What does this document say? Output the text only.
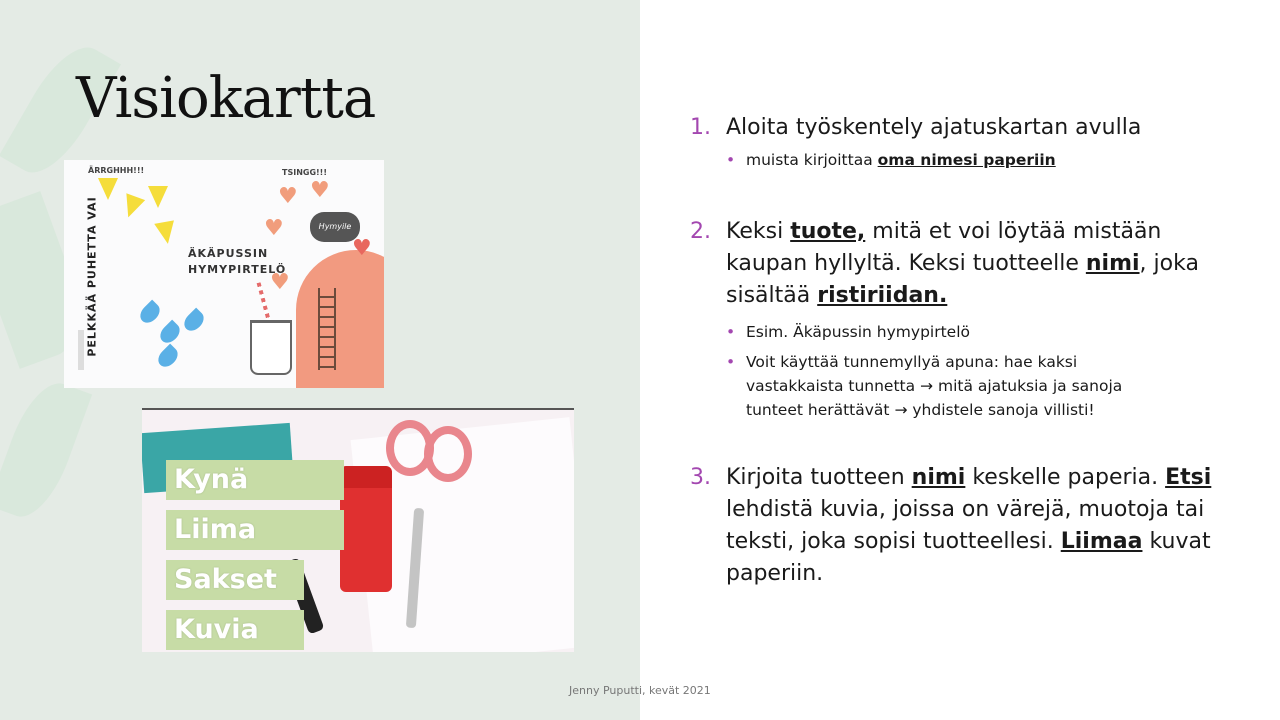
Visiokartta
PELKKÄÄ PUHETTA VAI
ÄRRGHHH!!!	TSINGG!!!
ÄKÄPUSSIN
HYMYPIRTELÖ
♥
♥ ♥
♥
♥
Hymyile
Kynä
Liima
Sakset
Kuvia
Jenny Puputti, kevät 2021
1. Aloita työskentely ajatuskartan avulla
• muista kirjoittaa oma nimesi paperiin
2. Keksi tuote, mitä et voi löytää mistään kaupan hyllyltä. Keksi tuotteelle nimi, joka sisältää ristiriidan.
• Esim. Äkäpussin hymypirtelö
• Voit käyttää tunnemyllyä apuna: hae kaksi vastakkaista tunnetta → mitä ajatuksia ja sanoja tunteet herättävät → yhdistele sanoja villisti!
3. Kirjoita tuotteen nimi keskelle paperia. Etsi lehdistä kuvia, joissa on värejä, muotoja tai teksti, joka sopisi tuotteellesi. Liimaa kuvat paperiin.
